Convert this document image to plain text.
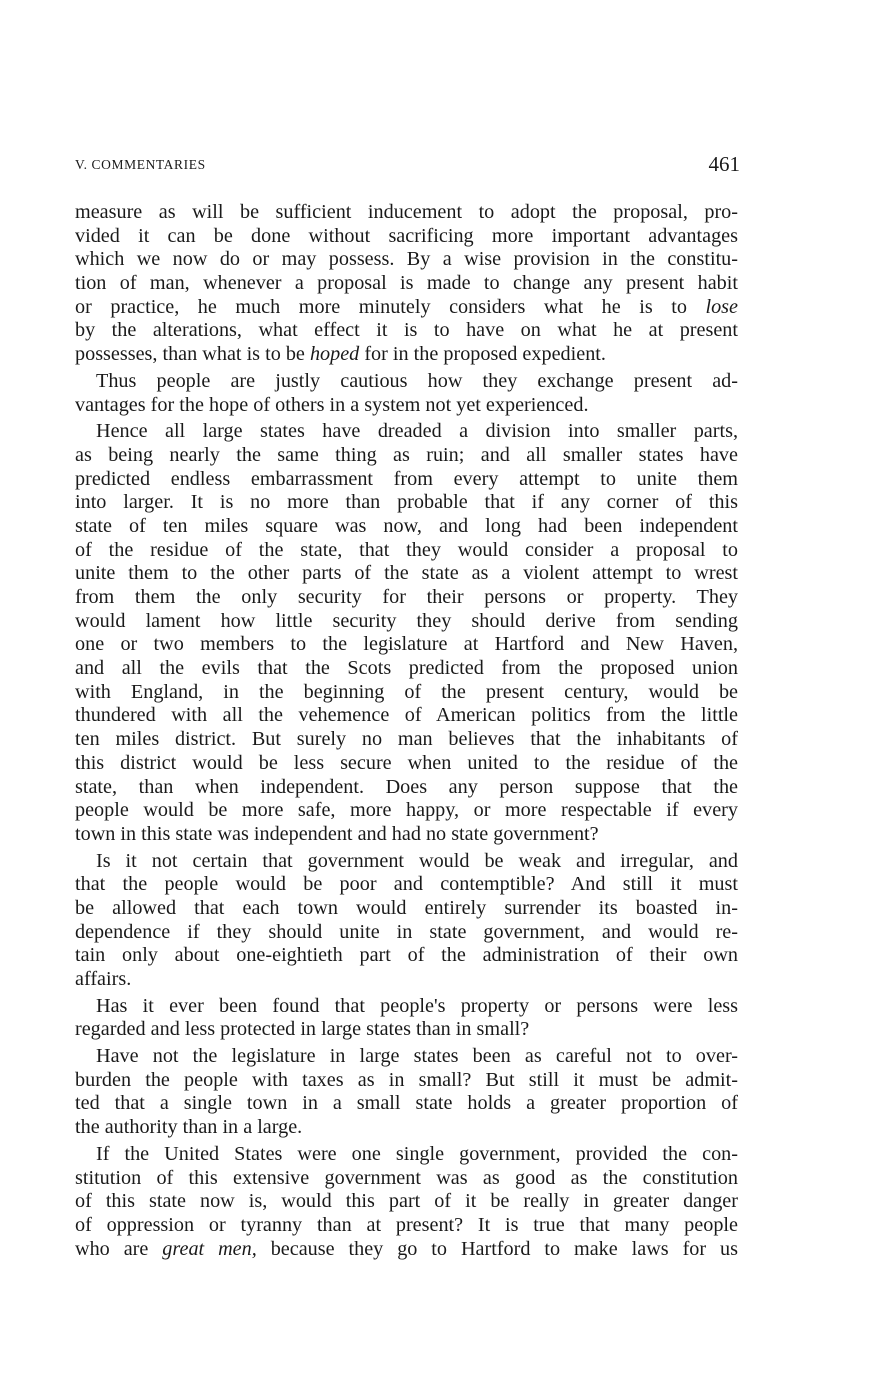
V. COMMENTARIES	461
measure as will be sufficient inducement to adopt the proposal, pro-
vided it can be done without sacrificing more important advantages
which we now do or may possess. By a wise provision in the constitu-
tion of man, whenever a proposal is made to change any present habit
or practice, he much more minutely considers what he is to lose
by the alterations, what effect it is to have on what he at present
possesses, than what is to be hoped for in the proposed expedient.
Thus people are justly cautious how they exchange present ad-
vantages for the hope of others in a system not yet experienced.
Hence all large states have dreaded a division into smaller parts,
as being nearly the same thing as ruin; and all smaller states have
predicted endless embarrassment from every attempt to unite them
into larger. It is no more than probable that if any corner of this
state of ten miles square was now, and long had been independent
of the residue of the state, that they would consider a proposal to
unite them to the other parts of the state as a violent attempt to wrest
from them the only security for their persons or property. They
would lament how little security they should derive from sending
one or two members to the legislature at Hartford and New Haven,
and all the evils that the Scots predicted from the proposed union
with England, in the beginning of the present century, would be
thundered with all the vehemence of American politics from the little
ten miles district. But surely no man believes that the inhabitants of
this district would be less secure when united to the residue of the
state, than when independent. Does any person suppose that the
people would be more safe, more happy, or more respectable if every
town in this state was independent and had no state government?
Is it not certain that government would be weak and irregular, and
that the people would be poor and contemptible? And still it must
be allowed that each town would entirely surrender its boasted in-
dependence if they should unite in state government, and would re-
tain only about one-eightieth part of the administration of their own
affairs.
Has it ever been found that people's property or persons were less
regarded and less protected in large states than in small?
Have not the legislature in large states been as careful not to over-
burden the people with taxes as in small? But still it must be admit-
ted that a single town in a small state holds a greater proportion of
the authority than in a large.
If the United States were one single government, provided the con-
stitution of this extensive government was as good as the constitution
of this state now is, would this part of it be really in greater danger
of oppression or tyranny than at present? It is true that many people
who are great men, because they go to Hartford to make laws for us
